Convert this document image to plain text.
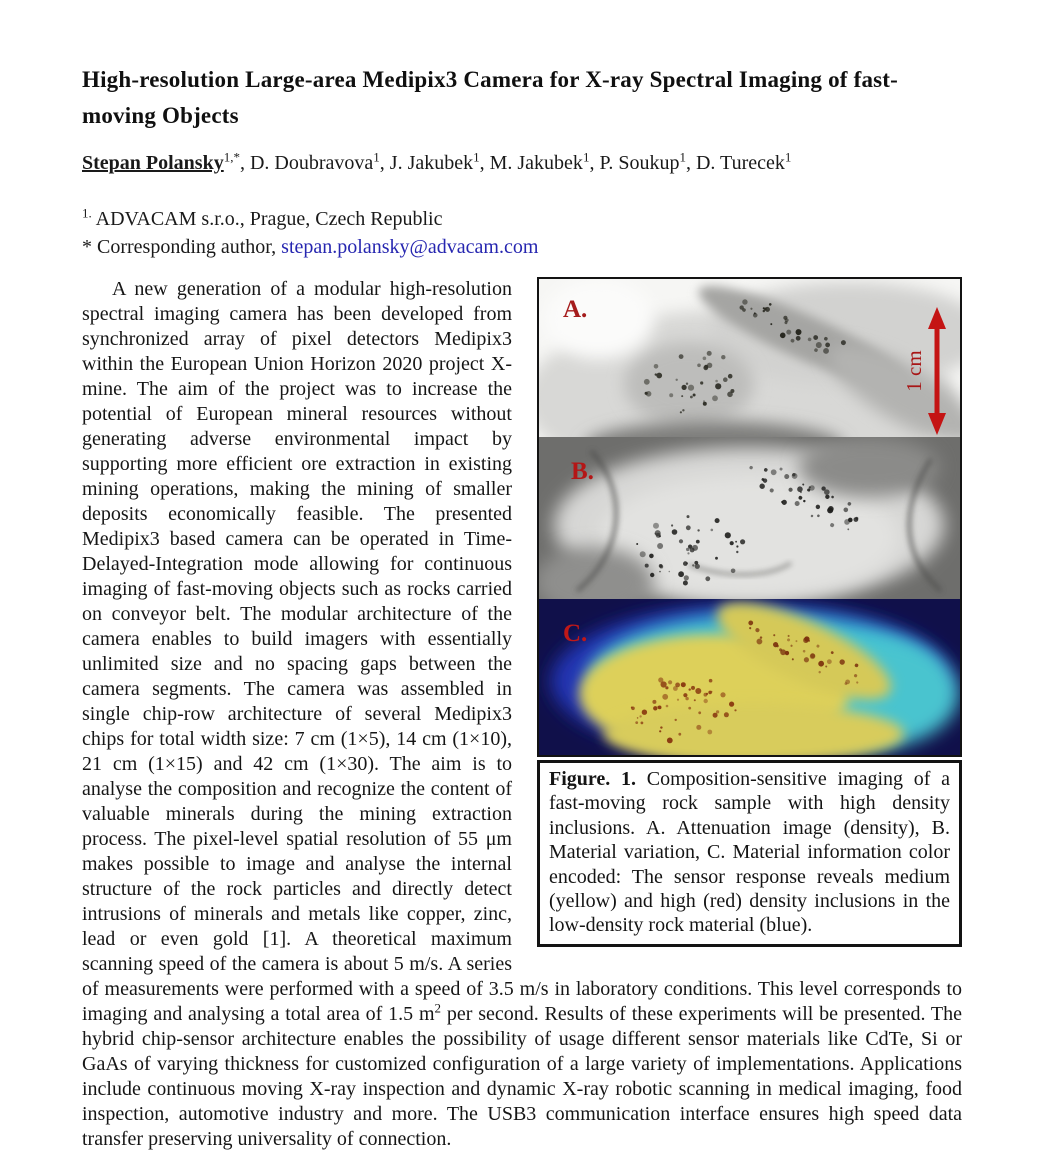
High-resolution Large-area Medipix3 Camera for X-ray Spectral Imaging of fast-moving Objects

Stepan Polansky$^{1,*}$, D. Doubravova$^1$, J. Jakubek$^1$, M. Jakubek$^1$, P. Soukup$^1$, D. Turecek$^1$

$^{1.}$ ADVACAM s.r.o., Prague, Czech Republic

* Corresponding author, stepan.polansky@advacam.com

A.
1 cm
B.
C.
Figure. 1. Composition-sensitive imaging of a fast-moving rock sample with high density inclusions. A. Attenuation image (density), B. Material variation, C. Material information color encoded: The sensor response reveals medium (yellow) and high (red) density inclusions in the low-density rock material (blue).

A new generation of a modular high-resolution spectral imaging camera has been developed from synchronized array of pixel detectors Medipix3 within the European Union Horizon 2020 project X-mine. The aim of the project was to increase the potential of European mineral resources without generating adverse environmental impact by supporting more efficient ore extraction in existing mining operations, making the mining of smaller deposits economically feasible. The presented Medipix3 based camera can be operated in Time-Delayed-Integration mode allowing for continuous imaging of fast-moving objects such as rocks carried on conveyor belt. The modular architecture of the camera enables to build imagers with essentially unlimited size and no spacing gaps between the camera segments. The camera was assembled in single chip-row architecture of several Medipix3 chips for total width size: 7 cm (1×5), 14 cm (1×10), 21 cm (1×15) and 42 cm (1×30). The aim is to analyse the composition and recognize the content of valuable minerals during the mining extraction process. The pixel-level spatial resolution of 55 μm makes possible to image and analyse the internal structure of the rock particles and directly detect intrusions of minerals and metals like copper, zinc, lead or even gold [1]. A theoretical maximum scanning speed of the camera is about 5 m/s. A series of measurements were performed with a speed of 3.5 m/s in laboratory conditions. This level corresponds to imaging and analysing a total area of 1.5 $m^2$ per second. Results of these experiments will be presented. The hybrid chip-sensor architecture enables the possibility of usage different sensor materials like CdTe, Si or GaAs of varying thickness for customized configuration of a large variety of implementations. Applications include continuous moving X-ray inspection and dynamic X-ray robotic scanning in medical imaging, food inspection, automotive industry and more. The USB3 communication interface ensures high speed data transfer preserving universality of connection.
